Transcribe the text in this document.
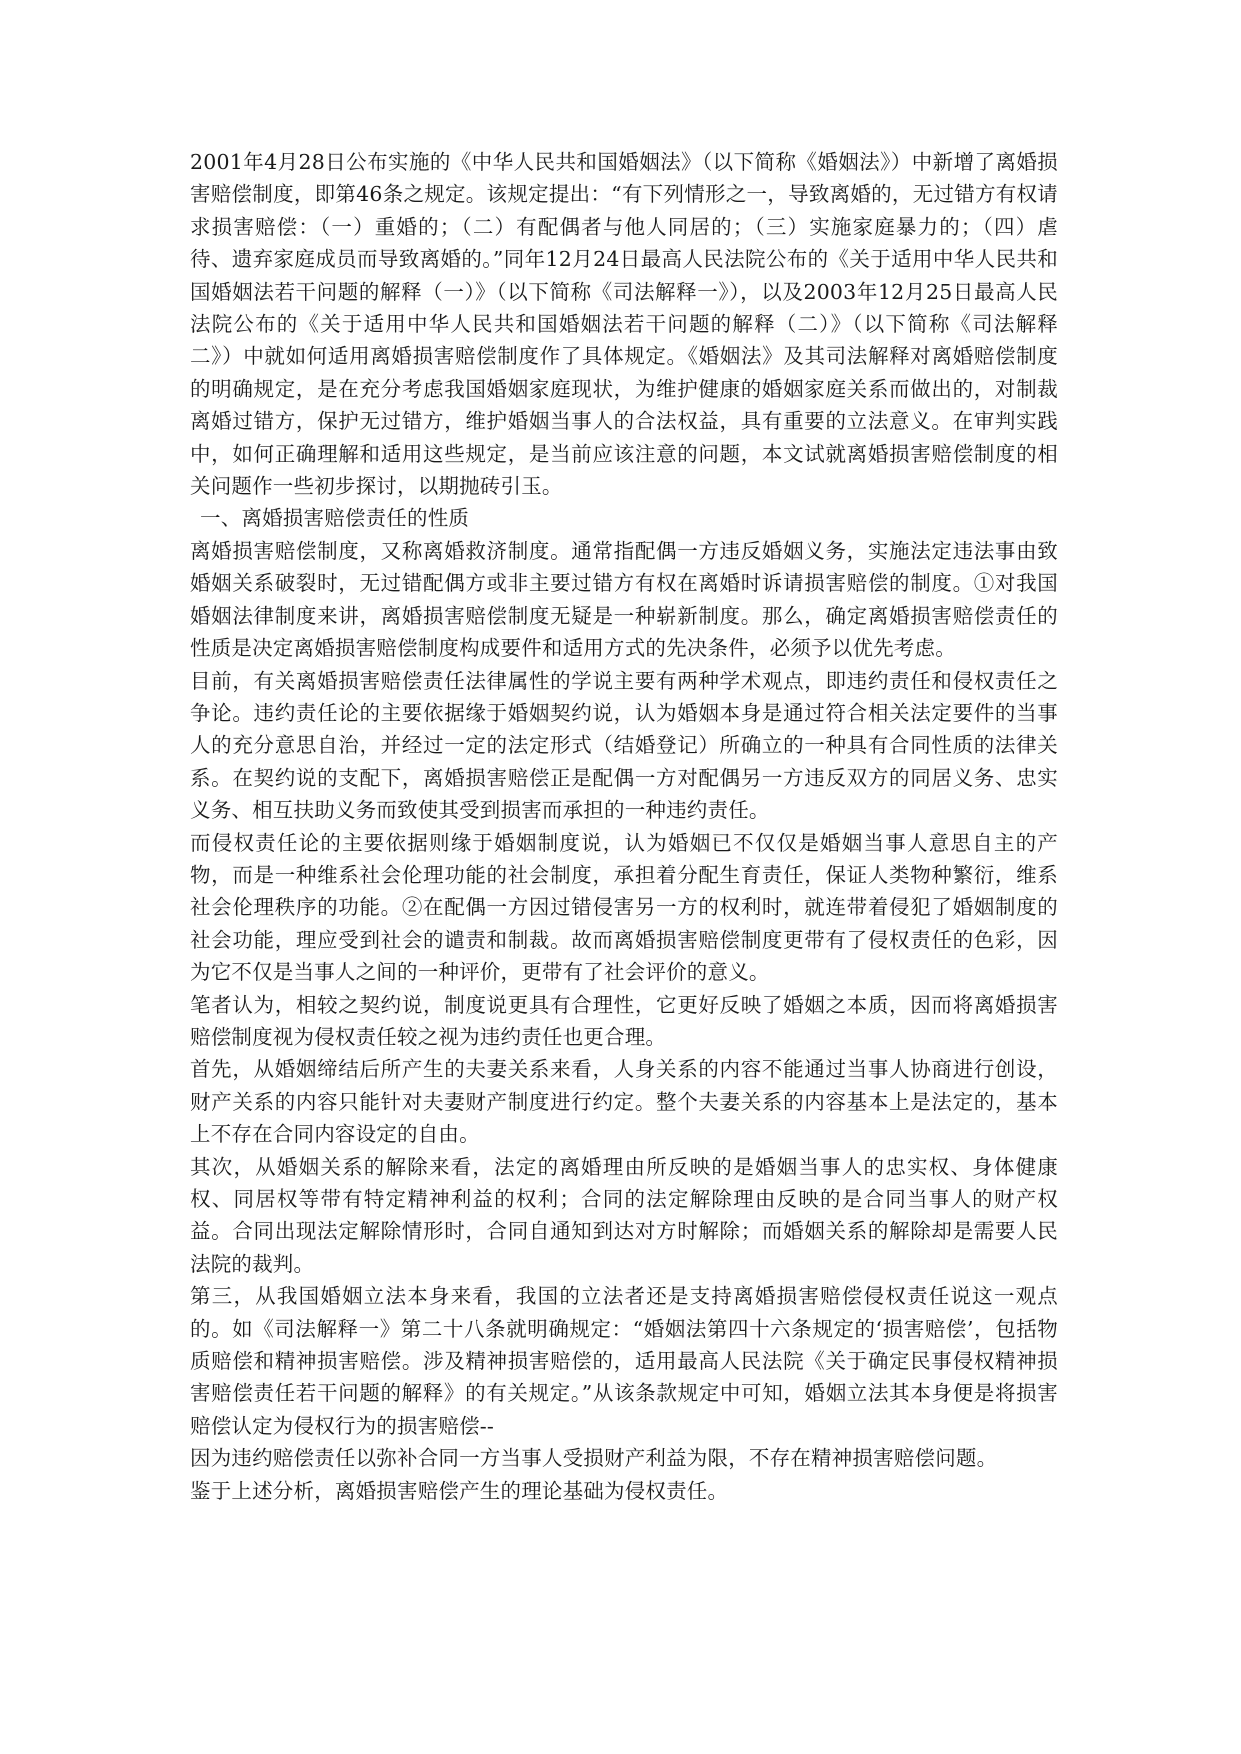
2001年4月28日公布实施的《中华人民共和国婚姻法》（以下简称《婚姻法》）中新增了离婚损害赔偿制度，即第46条之规定。该规定提出：“有下列情形之一，导致离婚的，无过错方有权请求损害赔偿：（一）重婚的；（二）有配偶者与他人同居的；（三）实施家庭暴力的；（四）虐待、遗弃家庭成员而导致离婚的。”同年12月24日最高人民法院公布的《关于适用中华人民共和国婚姻法若干问题的解释（一）》（以下简称《司法解释一》），以及2003年12月25日最高人民法院公布的《关于适用中华人民共和国婚姻法若干问题的解释（二）》（以下简称《司法解释二》）中就如何适用离婚损害赔偿制度作了具体规定。《婚姻法》及其司法解释对离婚赔偿制度的明确规定，是在充分考虑我国婚姻家庭现状，为维护健康的婚姻家庭关系而做出的，对制裁离婚过错方，保护无过错方，维护婚姻当事人的合法权益，具有重要的立法意义。在审判实践中，如何正确理解和适用这些规定，是当前应该注意的问题，本文试就离婚损害赔偿制度的相关问题作一些初步探讨，以期抛砖引玉。

一、离婚损害赔偿责任的性质

离婚损害赔偿制度，又称离婚救济制度。通常指配偶一方违反婚姻义务，实施法定违法事由致婚姻关系破裂时，无过错配偶方或非主要过错方有权在离婚时诉请损害赔偿的制度。①对我国婚姻法律制度来讲，离婚损害赔偿制度无疑是一种崭新制度。那么，确定离婚损害赔偿责任的性质是决定离婚损害赔偿制度构成要件和适用方式的先决条件，必须予以优先考虑。

目前，有关离婚损害赔偿责任法律属性的学说主要有两种学术观点，即违约责任和侵权责任之争论。违约责任论的主要依据缘于婚姻契约说，认为婚姻本身是通过符合相关法定要件的当事人的充分意思自治，并经过一定的法定形式（结婚登记）所确立的一种具有合同性质的法律关系。在契约说的支配下，离婚损害赔偿正是配偶一方对配偶另一方违反双方的同居义务、忠实义务、相互扶助义务而致使其受到损害而承担的一种违约责任。

而侵权责任论的主要依据则缘于婚姻制度说，认为婚姻已不仅仅是婚姻当事人意思自主的产物，而是一种维系社会伦理功能的社会制度，承担着分配生育责任，保证人类物种繁衍，维系社会伦理秩序的功能。②在配偶一方因过错侵害另一方的权利时，就连带着侵犯了婚姻制度的社会功能，理应受到社会的谴责和制裁。故而离婚损害赔偿制度更带有了侵权责任的色彩，因为它不仅是当事人之间的一种评价，更带有了社会评价的意义。

笔者认为，相较之契约说，制度说更具有合理性，它更好反映了婚姻之本质，因而将离婚损害赔偿制度视为侵权责任较之视为违约责任也更合理。

首先，从婚姻缔结后所产生的夫妻关系来看，人身关系的内容不能通过当事人协商进行创设，财产关系的内容只能针对夫妻财产制度进行约定。整个夫妻关系的内容基本上是法定的，基本上不存在合同内容设定的自由。

其次，从婚姻关系的解除来看，法定的离婚理由所反映的是婚姻当事人的忠实权、身体健康权、同居权等带有特定精神利益的权利；合同的法定解除理由反映的是合同当事人的财产权益。合同出现法定解除情形时，合同自通知到达对方时解除；而婚姻关系的解除却是需要人民法院的裁判。

第三，从我国婚姻立法本身来看，我国的立法者还是支持离婚损害赔偿侵权责任说这一观点的。如《司法解释一》第二十八条就明确规定：“婚姻法第四十六条规定的‘损害赔偿’，包括物质赔偿和精神损害赔偿。涉及精神损害赔偿的，适用最高人民法院《关于确定民事侵权精神损害赔偿责任若干问题的解释》的有关规定。”从该条款规定中可知，婚姻立法其本身便是将损害赔偿认定为侵权行为的损害赔偿--

因为违约赔偿责任以弥补合同一方当事人受损财产利益为限，不存在精神损害赔偿问题。

鉴于上述分析，离婚损害赔偿产生的理论基础为侵权责任。
